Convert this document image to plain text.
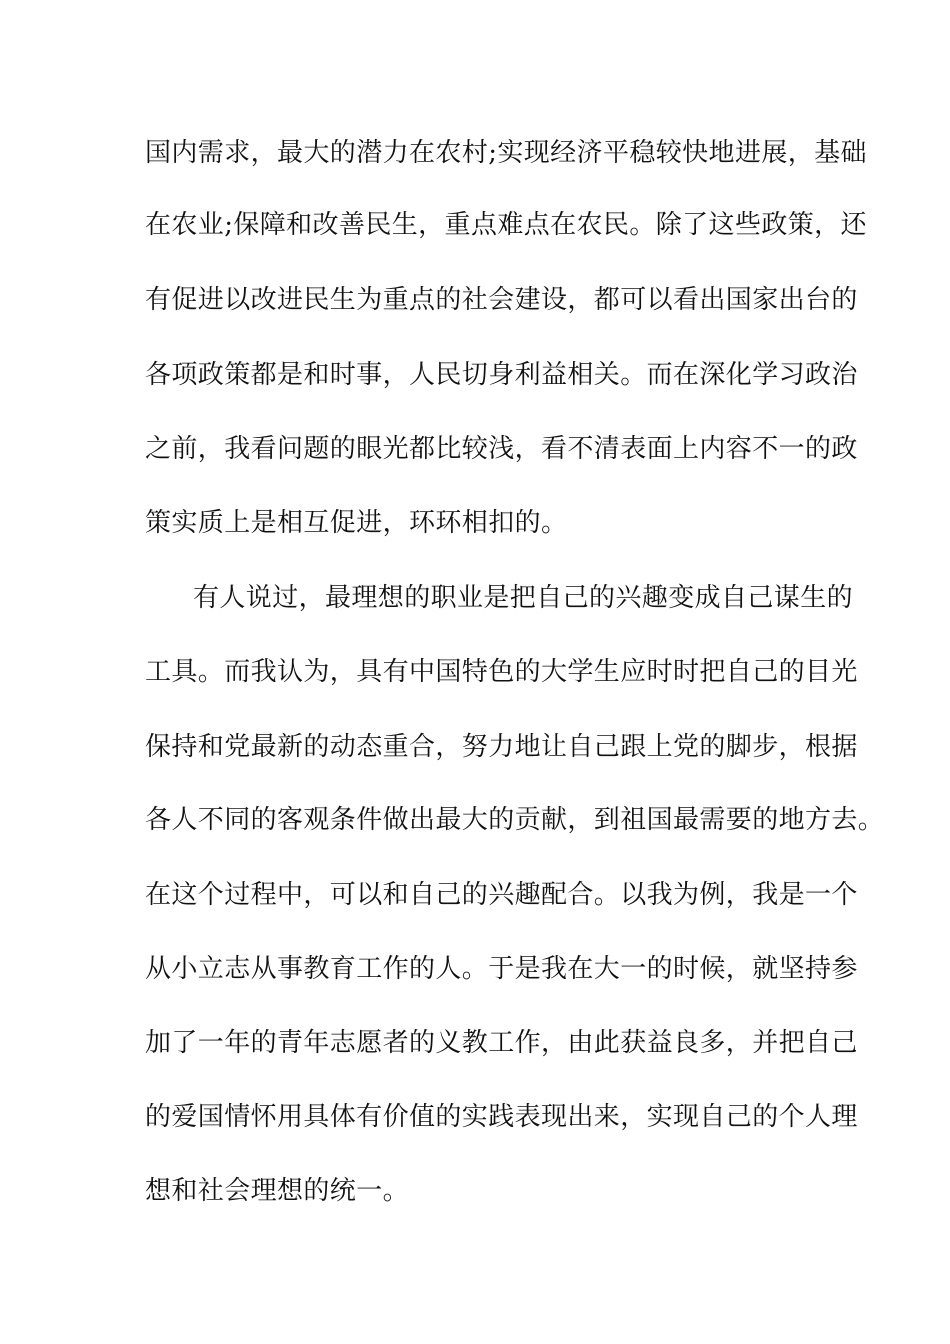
国内需求，最大的潜力在农村;实现经济平稳较快地进展，基础
在农业;保障和改善民生，重点难点在农民。除了这些政策，还
有促进以改进民生为重点的社会建设，都可以看出国家出台的
各项政策都是和时事，人民切身利益相关。而在深化学习政治
之前，我看问题的眼光都比较浅，看不清表面上内容不一的政
策实质上是相互促进，环环相扣的。
有人说过，最理想的职业是把自己的兴趣变成自己谋生的
工具。而我认为，具有中国特色的大学生应时时把自己的目光
保持和党最新的动态重合，努力地让自己跟上党的脚步，根据
各人不同的客观条件做出最大的贡献，到祖国最需要的地方去。
在这个过程中，可以和自己的兴趣配合。以我为例，我是一个
从小立志从事教育工作的人。于是我在大一的时候，就坚持参
加了一年的青年志愿者的义教工作，由此获益良多，并把自己
的爱国情怀用具体有价值的实践表现出来，实现自己的个人理
想和社会理想的统一。
